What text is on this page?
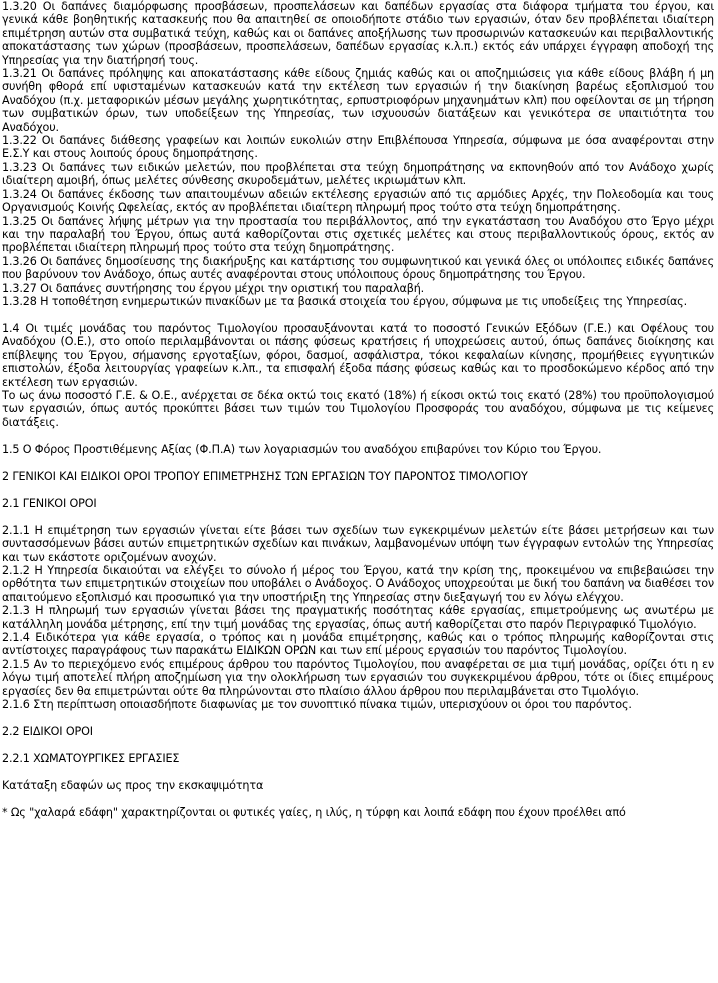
1.3.20 Οι δαπάνες διαμόρφωσης προσβάσεων, προσπελάσεων και δαπέδων εργασίας στα διάφορα τμήματα του έργου, και γενικά κάθε βοηθητικής κατασκευής που θα απαιτηθεί σε οποιοδήποτε στάδιο των εργασιών, όταν δεν προβλέπεται ιδιαίτερη επιμέτρηση αυτών στα συμβατικά τεύχη, καθώς και οι δαπάνες αποξήλωσης των προσωρινών κατασκευών και περιβαλλοντικής αποκατάστασης των χώρων (προσβάσεων, προσπελάσεων, δαπέδων εργασίας κ.λ.π.) εκτός εάν υπάρχει έγγραφη αποδοχή της Υπηρεσίας για την διατήρησή τους.

1.3.21 Οι δαπάνες πρόληψης και αποκατάστασης κάθε είδους ζημιάς καθώς και οι αποζημιώσεις για κάθε είδους βλάβη ή μη συνήθη φθορά επί υφισταμένων κατασκευών κατά την εκτέλεση των εργασιών ή την διακίνηση βαρέως εξοπλισμού του Αναδόχου (π.χ. μεταφορικών μέσων μεγάλης χωρητικότητας, ερπυστριοφόρων μηχανημάτων κλπ) που οφείλονται σε μη τήρηση των συμβατικών όρων, των υποδείξεων της Υπηρεσίας, των ισχυουσών διατάξεων και γενικότερα σε υπαιτιότητα του Αναδόχου.

1.3.22 Οι δαπάνες διάθεσης γραφείων και λοιπών ευκολιών στην Επιβλέπουσα Υπηρεσία, σύμφωνα με όσα αναφέρονται στην Ε.Σ.Υ και στους λοιπούς όρους δημοπράτησης.

1.3.23 Οι δαπάνες των ειδικών μελετών, που προβλέπεται στα τεύχη δημοπράτησης να εκπονηθούν από τον Ανάδοχο χωρίς ιδιαίτερη αμοιβή, όπως μελέτες σύνθεσης σκυροδεμάτων, μελέτες ικριωμάτων κλπ.

1.3.24 Οι δαπάνες έκδοσης των απαιτουμένων αδειών εκτέλεσης εργασιών από τις αρμόδιες Αρχές, την Πολεοδομία και τους Οργανισμούς Κοινής Ωφελείας, εκτός αν προβλέπεται ιδιαίτερη πληρωμή προς τούτο στα τεύχη δημοπράτησης.

1.3.25 Οι δαπάνες λήψης μέτρων για την προστασία του περιβάλλοντος, από την εγκατάσταση του Αναδόχου στο Έργο μέχρι και την παραλαβή του Έργου, όπως αυτά καθορίζονται στις σχετικές μελέτες και στους περιβαλλοντικούς όρους, εκτός αν προβλέπεται ιδιαίτερη πληρωμή προς τούτο στα τεύχη δημοπράτησης.

1.3.26 Οι δαπάνες δημοσίευσης της διακήρυξης και κατάρτισης του συμφωνητικού και γενικά όλες οι υπόλοιπες ειδικές δαπάνες που βαρύνουν τον Ανάδοχο, όπως αυτές αναφέρονται στους υπόλοιπους όρους δημοπράτησης του Έργου.

1.3.27 Οι δαπάνες συντήρησης του έργου μέχρι την οριστική του παραλαβή.

1.3.28 Η τοποθέτηση ενημερωτικών πινακίδων με τα βασικά στοιχεία του έργου, σύμφωνα με τις υποδείξεις της Υπηρεσίας.

1.4 Οι τιμές μονάδας του παρόντος Τιμολογίου προσαυξάνονται κατά το ποσοστό Γενικών Εξόδων (Γ.Ε.) και Οφέλους του Αναδόχου (Ο.Ε.), στο οποίο περιλαμβάνονται οι πάσης φύσεως κρατήσεις ή υποχρεώσεις αυτού, όπως δαπάνες διοίκησης και επίβλεψης του Έργου, σήμανσης εργοταξίων, φόροι, δασμοί, ασφάλιστρα, τόκοι κεφαλαίων κίνησης, προμήθειες εγγυητικών επιστολών, έξοδα λειτουργίας γραφείων κ.λπ., τα επισφαλή έξοδα πάσης φύσεως καθώς και το προσδοκώμενο κέρδος από την εκτέλεση των εργασιών.

Το ως άνω ποσοστό Γ.Ε. & Ο.Ε., ανέρχεται σε δέκα οκτώ τοις εκατό (18%) ή είκοσι οκτώ τοις εκατό (28%) του προϋπολογισμού των εργασιών, όπως αυτός προκύπτει βάσει των τιμών του Τιμολογίου Προσφοράς του αναδόχου, σύμφωνα με τις κείμενες διατάξεις.

1.5 Ο Φόρος Προστιθέμενης Αξίας (Φ.Π.Α) των λογαριασμών του αναδόχου επιβαρύνει τον Κύριο του Έργου.

2 ΓΕΝΙΚΟΙ ΚΑΙ ΕΙΔΙΚΟΙ ΟΡΟΙ ΤΡΟΠΟΥ ΕΠΙΜΕΤΡΗΣΗΣ ΤΩΝ ΕΡΓΑΣΙΩΝ ΤΟΥ ΠΑΡΟΝΤΟΣ ΤΙΜΟΛΟΓΙΟΥ

2.1 ΓΕΝΙΚΟΙ ΟΡΟΙ

2.1.1 Η επιμέτρηση των εργασιών γίνεται είτε βάσει των σχεδίων των εγκεκριμένων μελετών είτε βάσει μετρήσεων και των συντασσόμενων βάσει αυτών επιμετρητικών σχεδίων και πινάκων, λαμβανομένων υπόψη των έγγραφων εντολών της Υπηρεσίας και των εκάστοτε οριζομένων ανοχών.

2.1.2 Η Υπηρεσία δικαιούται να ελέγξει το σύνολο ή μέρος του Έργου, κατά την κρίση της, προκειμένου να επιβεβαιώσει την ορθότητα των επιμετρητικών στοιχείων που υποβάλει ο Ανάδοχος. Ο Ανάδοχος υποχρεούται με δική του δαπάνη να διαθέσει τον απαιτούμενο εξοπλισμό και προσωπικό για την υποστήριξη της Υπηρεσίας στην διεξαγωγή του εν λόγω ελέγχου.

2.1.3 Η πληρωμή των εργασιών γίνεται βάσει της πραγματικής ποσότητας κάθε εργασίας, επιμετρούμενης ως ανωτέρω με κατάλληλη μονάδα μέτρησης, επί την τιμή μονάδας της εργασίας, όπως αυτή καθορίζεται στο παρόν Περιγραφικό Τιμολόγιο.

2.1.4 Ειδικότερα για κάθε εργασία, ο τρόπος και η μονάδα επιμέτρησης, καθώς και ο τρόπος πληρωμής καθορίζονται στις αντίστοιχες παραγράφους των παρακάτω ΕΙΔΙΚΩΝ ΟΡΩΝ και των επί μέρους εργασιών του παρόντος Τιμολογίου.

2.1.5 Αν το περιεχόμενο ενός επιμέρους άρθρου του παρόντος Τιμολογίου, που αναφέρεται σε μια τιμή μονάδας, ορίζει ότι η εν λόγω τιμή αποτελεί πλήρη αποζημίωση για την ολοκλήρωση των εργασιών του συγκεκριμένου άρθρου, τότε οι ίδιες επιμέρους εργασίες δεν θα επιμετρώνται ούτε θα πληρώνονται στο πλαίσιο άλλου άρθρου που περιλαμβάνεται στο Τιμολόγιο.

2.1.6 Στη περίπτωση οποιασδήποτε διαφωνίας με τον συνοπτικό πίνακα τιμών, υπερισχύουν οι όροι του παρόντος.

2.2 ΕΙΔΙΚΟΙ ΟΡΟΙ

2.2.1 ΧΩΜΑΤΟΥΡΓΙΚΕΣ ΕΡΓΑΣΙΕΣ

Κατάταξη εδαφών ως προς την εκσκαψιμότητα

* Ως "χαλαρά εδάφη" χαρακτηρίζονται οι φυτικές γαίες, η ιλύς, η τύρφη και λοιπά εδάφη που έχουν προέλθει από
